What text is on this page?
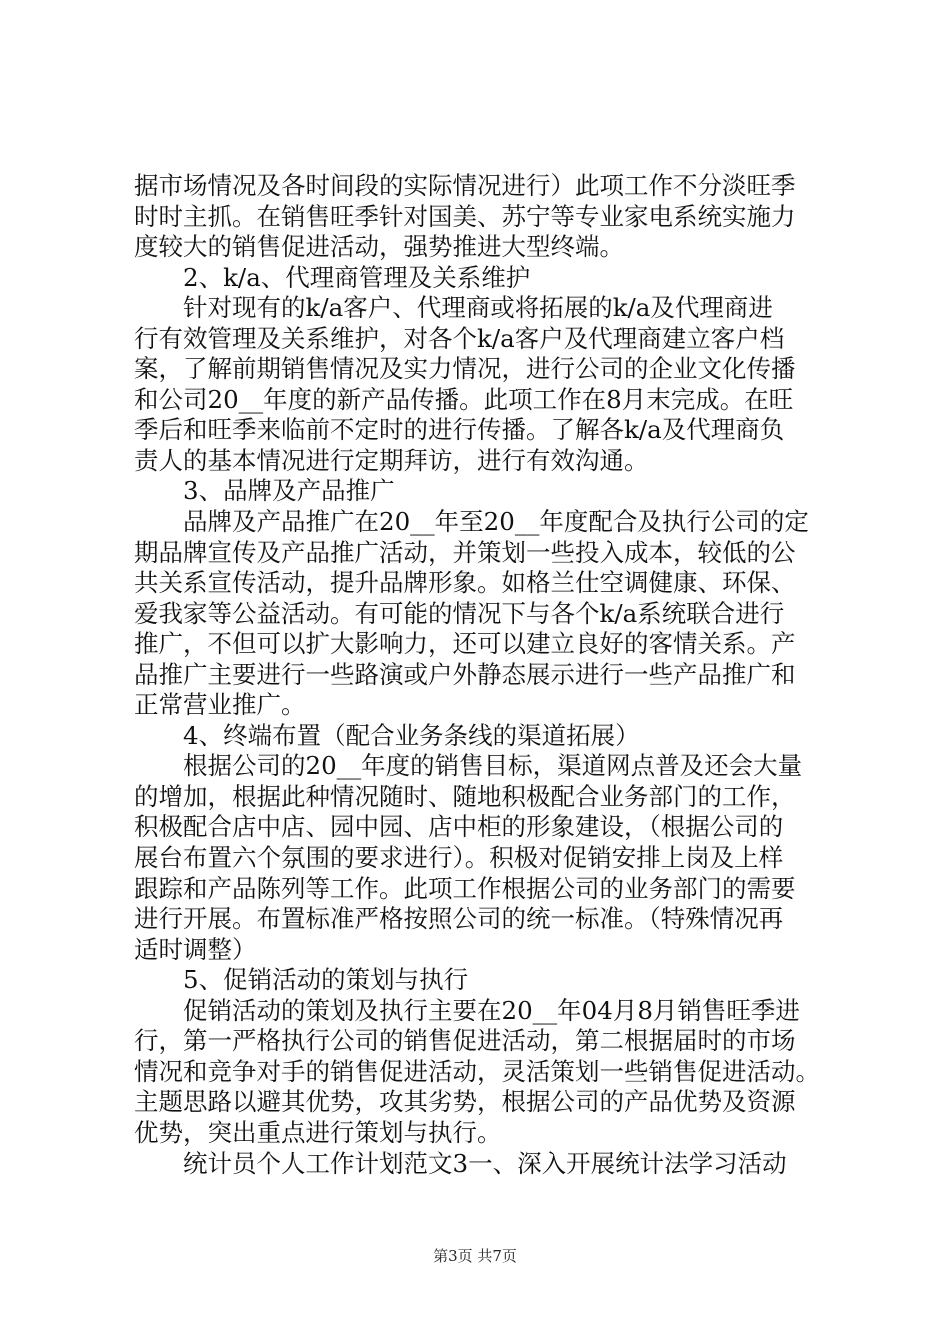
据市场情况及各时间段的实际情况进行）此项工作不分淡旺季
时时主抓。在销售旺季针对国美、苏宁等专业家电系统实施力
度较大的销售促进活动，强势推进大型终端。
　　2、k/a、代理商管理及关系维护
　　针对现有的k/a客户、代理商或将拓展的k/a及代理商进
行有效管理及关系维护，对各个k/a客户及代理商建立客户档
案，了解前期销售情况及实力情况，进行公司的企业文化传播
和公司20__年度的新产品传播。此项工作在8月末完成。在旺
季后和旺季来临前不定时的进行传播。了解各k/a及代理商负
责人的基本情况进行定期拜访，进行有效沟通。
　　3、品牌及产品推广
　　品牌及产品推广在20__年至20__年度配合及执行公司的定
期品牌宣传及产品推广活动，并策划一些投入成本，较低的公
共关系宣传活动，提升品牌形象。如格兰仕空调健康、环保、
爱我家等公益活动。有可能的情况下与各个k/a系统联合进行
推广，不但可以扩大影响力，还可以建立良好的客情关系。产
品推广主要进行一些路演或户外静态展示进行一些产品推广和
正常营业推广。
　　4、终端布置（配合业务条线的渠道拓展）
　　根据公司的20__年度的销售目标，渠道网点普及还会大量
的增加，根据此种情况随时、随地积极配合业务部门的工作，
积极配合店中店、园中园、店中柜的形象建设，（根据公司的
展台布置六个氛围的要求进行）。积极对促销安排上岗及上样
跟踪和产品陈列等工作。此项工作根据公司的业务部门的需要
进行开展。布置标准严格按照公司的统一标准。（特殊情况再
适时调整）
　　5、促销活动的策划与执行
　　促销活动的策划及执行主要在20__年04月8月销售旺季进
行，第一严格执行公司的销售促进活动，第二根据届时的市场
情况和竞争对手的销售促进活动，灵活策划一些销售促进活动。
主题思路以避其优势，攻其劣势，根据公司的产品优势及资源
优势，突出重点进行策划与执行。
　　统计员个人工作计划范文3一、深入开展统计法学习活动
第3页 共7页
